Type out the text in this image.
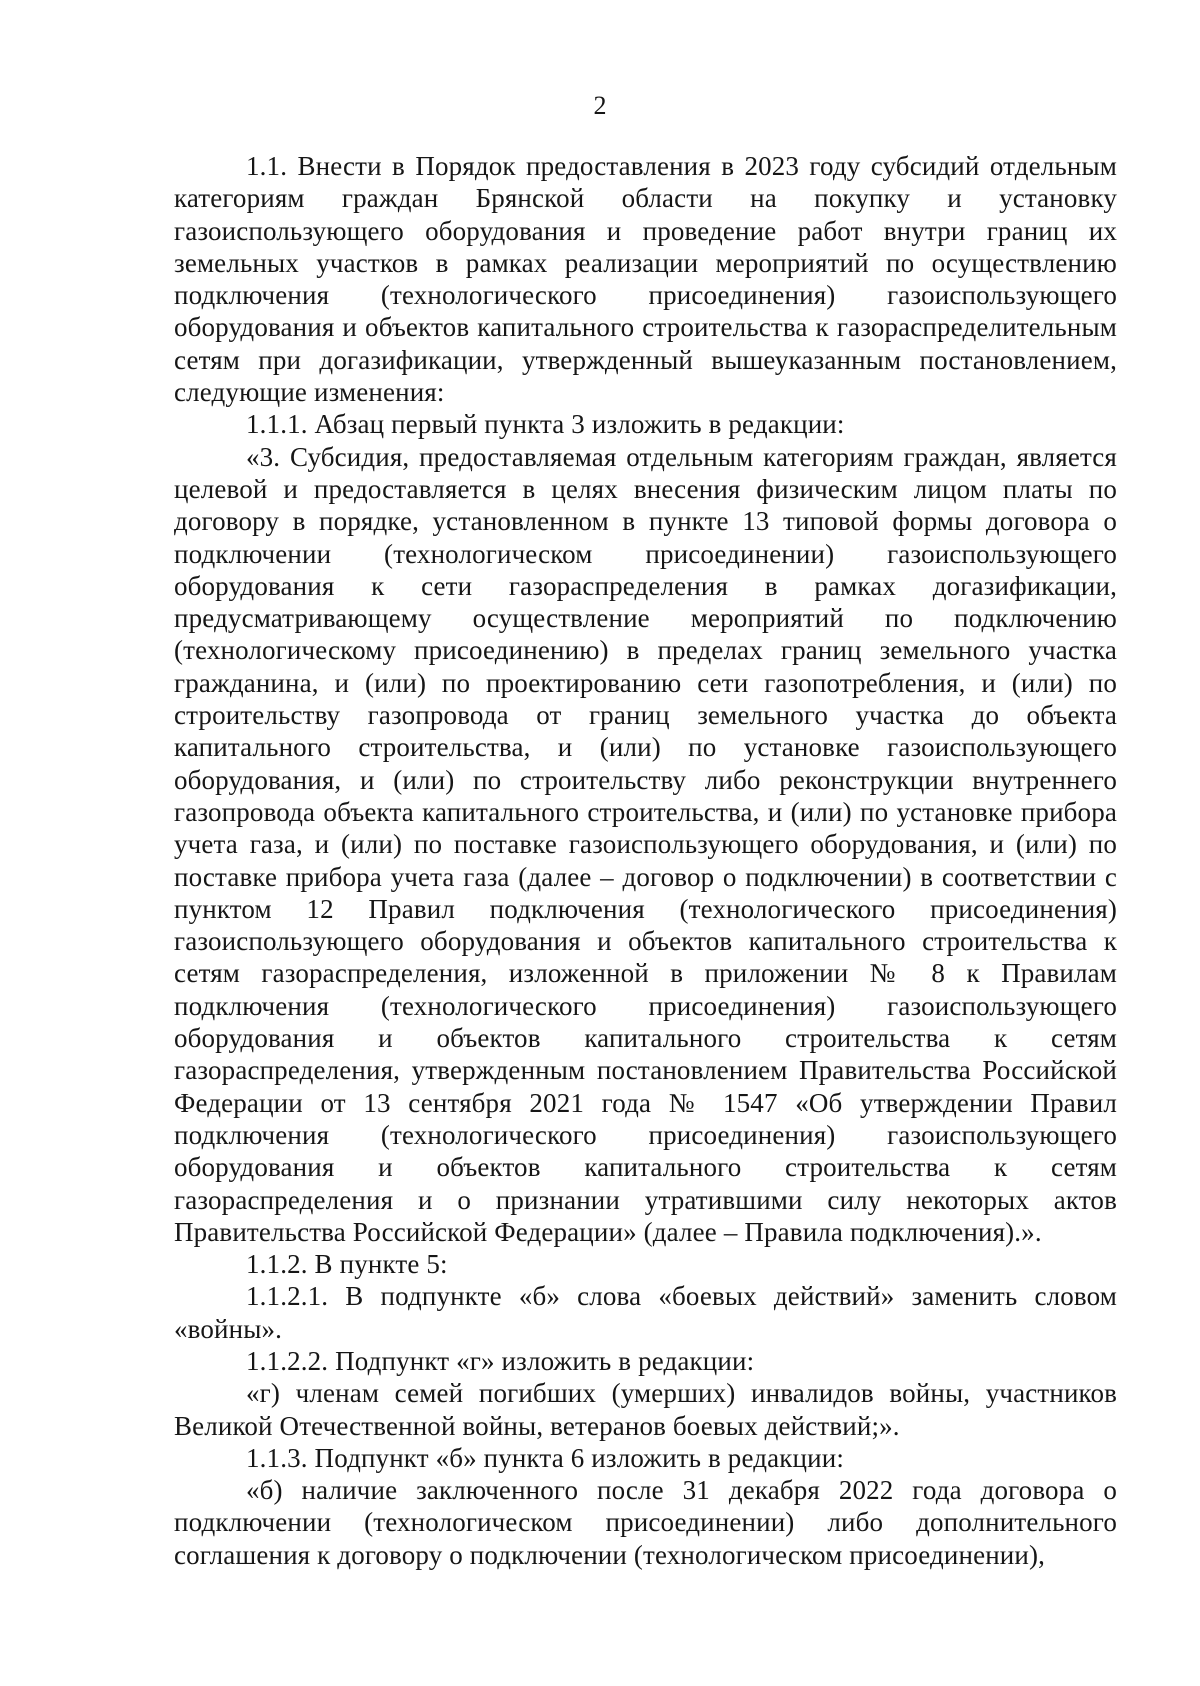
2

1.1. Внести в Порядок предоставления в 2023 году субсидий отдельным категориям граждан Брянской области на покупку и установку газоиспользующего оборудования и проведение работ внутри границ их земельных участков в рамках реализации мероприятий по осуществлению подключения (технологического присоединения) газоиспользующего оборудования и объектов капитального строительства к газораспределительным сетям при догазификации, утвержденный вышеуказанным постановлением, следующие изменения:

1.1.1. Абзац первый пункта 3 изложить в редакции:

«3. Субсидия, предоставляемая отдельным категориям граждан, является целевой и предоставляется в целях внесения физическим лицом платы по договору в порядке, установленном в пункте 13 типовой формы договора о подключении (технологическом присоединении) газоиспользующего оборудования к сети газораспределения в рамках догазификации, предусматривающему осуществление мероприятий по подключению (технологическому присоединению) в пределах границ земельного участка гражданина, и (или) по проектированию сети газопотребления, и (или) по строительству газопровода от границ земельного участка до объекта капитального строительства, и (или) по установке газоиспользующего оборудования, и (или) по строительству либо реконструкции внутреннего газопровода объекта капитального строительства, и (или) по установке прибора учета газа, и (или) по поставке газоиспользующего оборудования, и (или) по поставке прибора учета газа (далее – договор о подключении) в соответствии с пунктом 12 Правил подключения (технологического присоединения) газоиспользующего оборудования и объектов капитального строительства к сетям газораспределения, изложенной в приложении № 8 к Правилам подключения (технологического присоединения) газоиспользующего оборудования и объектов капитального строительства к сетям газораспределения, утвержденным постановлением Правительства Российской Федерации от 13 сентября 2021 года № 1547 «Об утверждении Правил подключения (технологического присоединения) газоиспользующего оборудования и объектов капитального строительства к сетям газораспределения и о признании утратившими силу некоторых актов Правительства Российской Федерации» (далее – Правила подключения).».

1.1.2. В пункте 5:

1.1.2.1. В подпункте «б» слова «боевых действий» заменить словом «войны».

1.1.2.2. Подпункт «г» изложить в редакции:

«г) членам семей погибших (умерших) инвалидов войны, участников Великой Отечественной войны, ветеранов боевых действий;».

1.1.3. Подпункт «б» пункта 6 изложить в редакции:

«б) наличие заключенного после 31 декабря 2022 года договора о подключении (технологическом присоединении) либо дополнительного соглашения к договору о подключении (технологическом присоединении),
